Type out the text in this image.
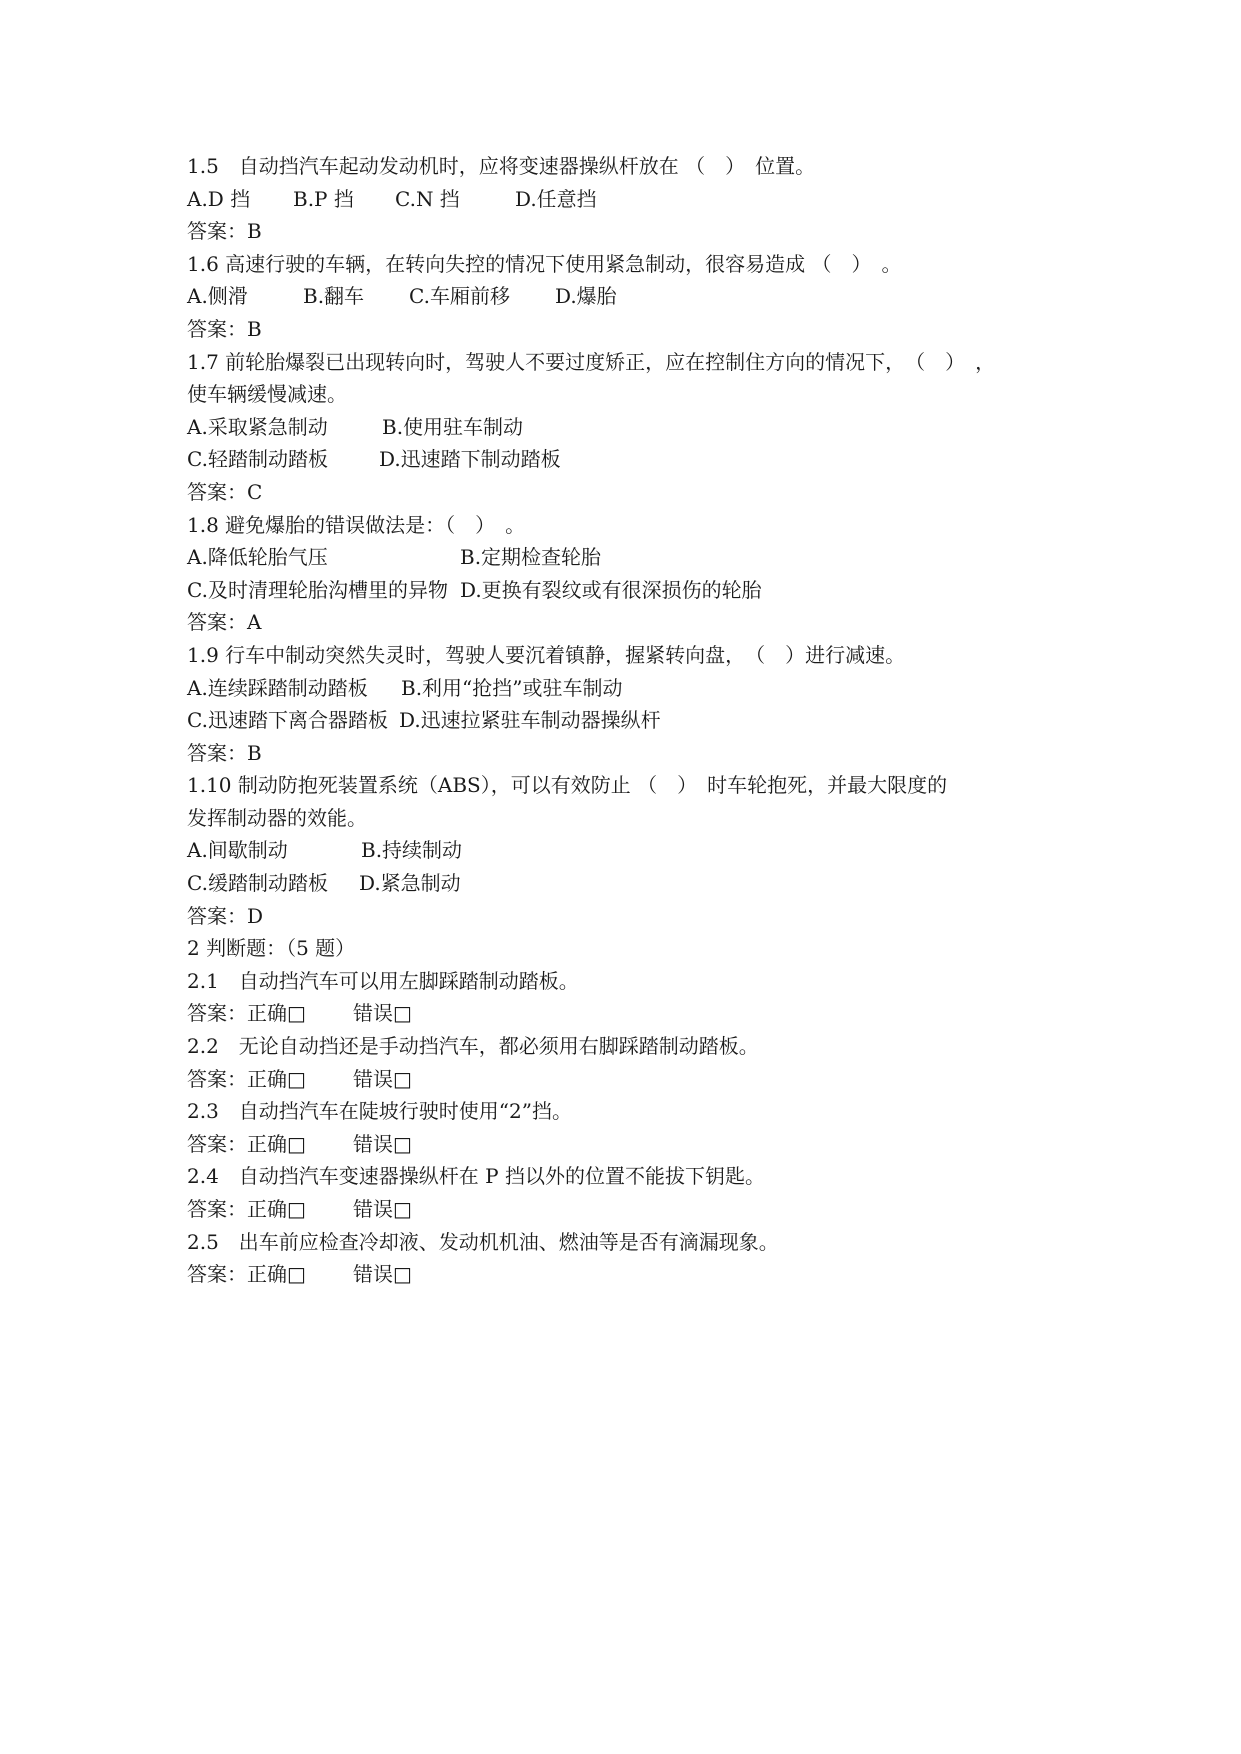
1.5　自动挡汽车起动发动机时，应将变速器操纵杆放在 （　）　位置。
A.D 挡 B.P 挡 C.N 挡	D.任意挡
答案：B
1.6 高速行驶的车辆，在转向失控的情况下使用紧急制动，很容易造成 （　）　。
A.侧滑	B.翻车 C.车厢前移 D.爆胎
答案：B
1.7 前轮胎爆裂已出现转向时，驾驶人不要过度矫正，应在控制住方向的情况下，　（　）　，
使车辆缓慢减速。
A.采取紧急制动	B.使用驻车制动
C.轻踏制动踏板	D.迅速踏下制动踏板
答案：C
1.8 避免爆胎的错误做法是：（　）　。
A.降低轮胎气压	B.定期检查轮胎
C.及时清理轮胎沟槽里的异物 D.更换有裂纹或有很深损伤的轮胎
答案：A
1.9 行车中制动突然失灵时，驾驶人要沉着镇静，握紧转向盘，　（　）进行减速。
A.连续踩踏制动踏板 B.利用“抢挡”或驻车制动
C.迅速踏下离合器踏板 D.迅速拉紧驻车制动器操纵杆
答案：B
1.10 制动防抱死装置系统（ABS），可以有效防止 （　）　时车轮抱死，并最大限度的
发挥制动器的效能。
A.间歇制动	B.持续制动
C.缓踏制动踏板 D.紧急制动
答案：D
2 判断题：（5 题）
2.1　自动挡汽车可以用左脚踩踏制动踏板。
答案： 正确□ 错误□
2.2　无论自动挡还是手动挡汽车，都必须用右脚踩踏制动踏板。
答案： 正确□ 错误□
2.3　自动挡汽车在陡坡行驶时使用“2”挡。
答案： 正确□ 错误□
2.4　自动挡汽车变速器操纵杆在 P 挡以外的位置不能拔下钥匙。
答案： 正确□ 错误□
2.5　出车前应检查冷却液、发动机机油、燃油等是否有滴漏现象。
答案： 正确□ 错误□
